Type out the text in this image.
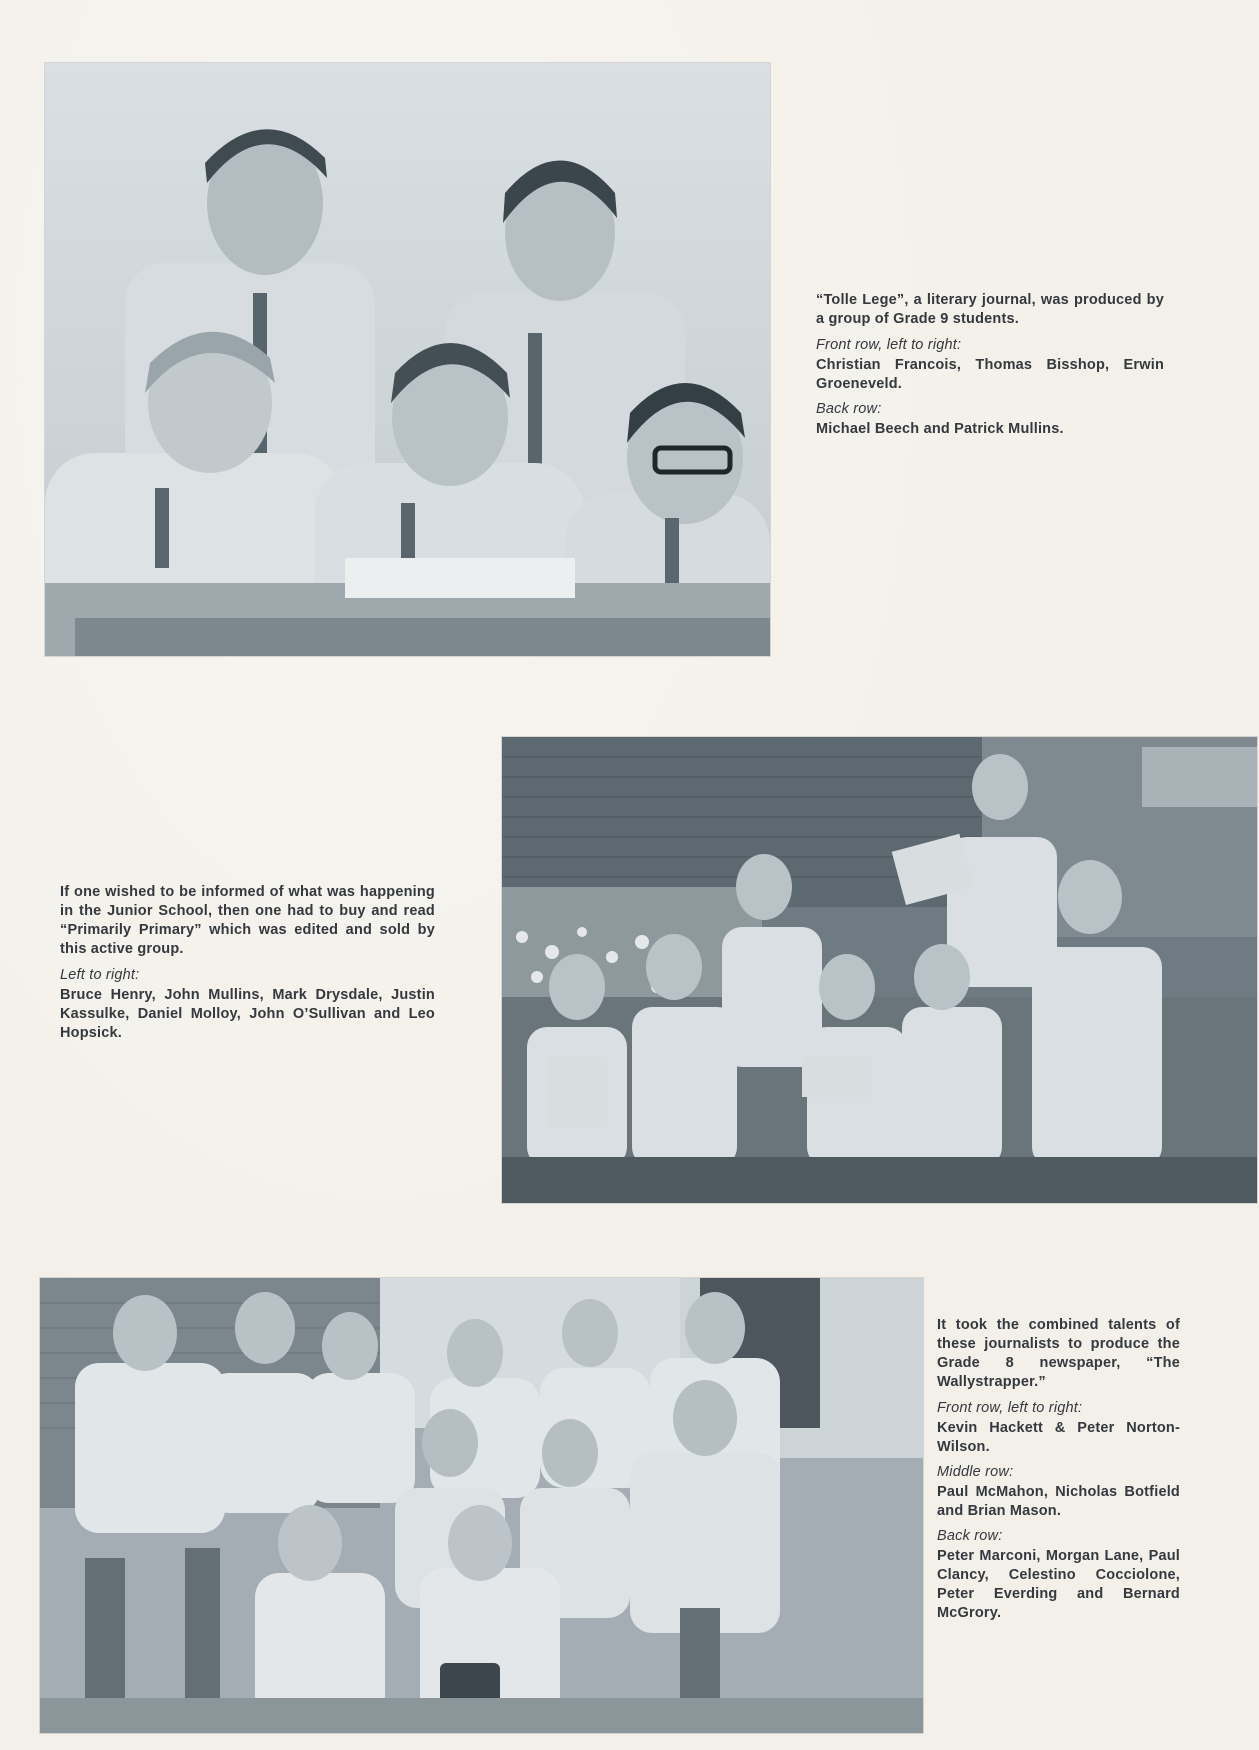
“Tolle Lege”, a literary journal, was produced by a group of Grade 9 students.

Front row, left to right:

Christian Francois, Thomas Bisshop, Erwin Groeneveld.

Back row:

Michael Beech and Patrick Mullins.

If one wished to be informed of what was happening in the Junior School, then one had to buy and read “Primarily Primary” which was edited and sold by this active group.

Left to right:

Bruce Henry, John Mullins, Mark Drysdale, Justin Kassulke, Daniel Molloy, John O’Sullivan and Leo Hopsick.

It took the combined talents of these journalists to produce the Grade 8 newspaper, “The Wallystrapper.”

Front row, left to right:

Kevin Hackett & Peter Norton-Wilson.

Middle row:

Paul McMahon, Nicholas Botfield and Brian Mason.

Back row:

Peter Marconi, Morgan Lane, Paul Clancy, Celestino Cocciolone, Peter Everding and Bernard McGrory.
